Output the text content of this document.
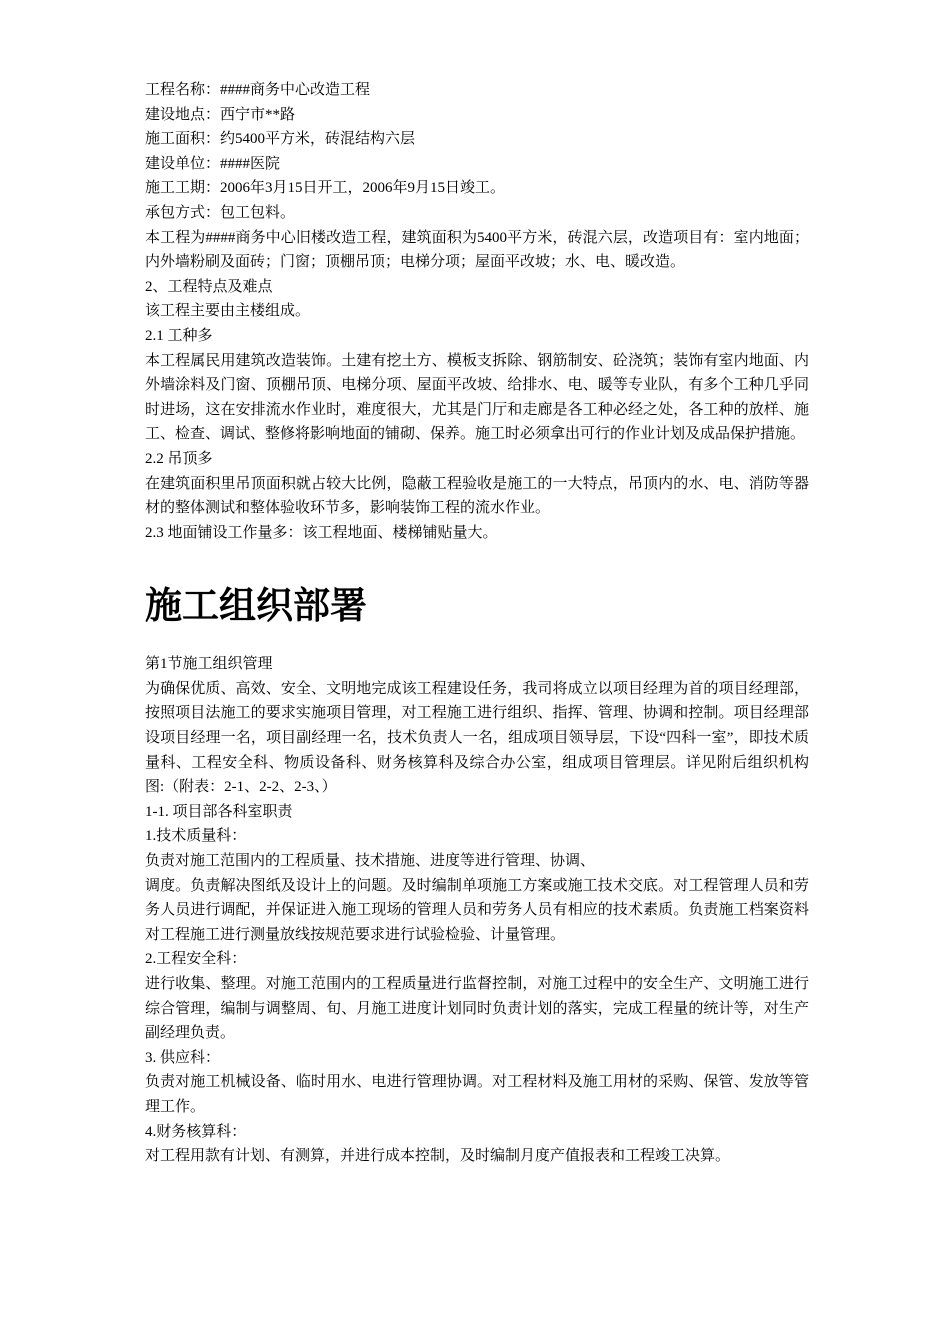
工程名称：####商务中心改造工程

建设地点：西宁市**路

施工面积：约5400平方米，砖混结构六层

建设单位：####医院

施工工期：2006年3月15日开工，2006年9月15日竣工。

承包方式：包工包料。

本工程为####商务中心旧楼改造工程，建筑面积为5400平方米，砖混六层，改造项目有：室内地面；内外墙粉刷及面砖；门窗；顶棚吊顶；电梯分项；屋面平改坡；水、电、暖改造。

2、工程特点及难点

该工程主要由主楼组成。

2.1 工种多

本工程属民用建筑改造装饰。土建有挖土方、模板支拆除、钢筋制安、砼浇筑；装饰有室内地面、内外墙涂料及门窗、顶棚吊顶、电梯分项、屋面平改坡、给排水、电、暖等专业队，有多个工种几乎同时进场，这在安排流水作业时，难度很大，尤其是门厅和走廊是各工种必经之处，各工种的放样、施工、检查、调试、整修将影响地面的铺砌、保养。施工时必须拿出可行的作业计划及成品保护措施。

2.2 吊顶多

在建筑面积里吊顶面积就占较大比例，隐蔽工程验收是施工的一大特点，吊顶内的水、电、消防等器材的整体测试和整体验收环节多，影响装饰工程的流水作业。

2.3 地面铺设工作量多：该工程地面、楼梯铺贴量大。

施工组织部署

第1节施工组织管理

为确保优质、高效、安全、文明地完成该工程建设任务，我司将成立以项目经理为首的项目经理部，按照项目法施工的要求实施项目管理，对工程施工进行组织、指挥、管理、协调和控制。项目经理部设项目经理一名，项目副经理一名，技术负责人一名，组成项目领导层，下设“四科一室”，即技术质量科、工程安全科、物质设备科、财务核算科及综合办公室，组成项目管理层。详见附后组织机构图:（附表：2-1、2-2、2-3、）

1-1. 项目部各科室职责

1.技术质量科：

负责对施工范围内的工程质量、技术措施、进度等进行管理、协调、

调度。负责解决图纸及设计上的问题。及时编制单项施工方案或施工技术交底。对工程管理人员和劳务人员进行调配，并保证进入施工现场的管理人员和劳务人员有相应的技术素质。负责施工档案资料对工程施工进行测量放线按规范要求进行试验检验、计量管理。

2.工程安全科：

进行收集、整理。对施工范围内的工程质量进行监督控制，对施工过程中的安全生产、文明施工进行综合管理，编制与调整周、旬、月施工进度计划同时负责计划的落实，完成工程量的统计等，对生产副经理负责。

3. 供应科：

负责对施工机械设备、临时用水、电进行管理协调。对工程材料及施工用材的采购、保管、发放等管理工作。

4.财务核算科：

对工程用款有计划、有测算，并进行成本控制，及时编制月度产值报表和工程竣工决算。
